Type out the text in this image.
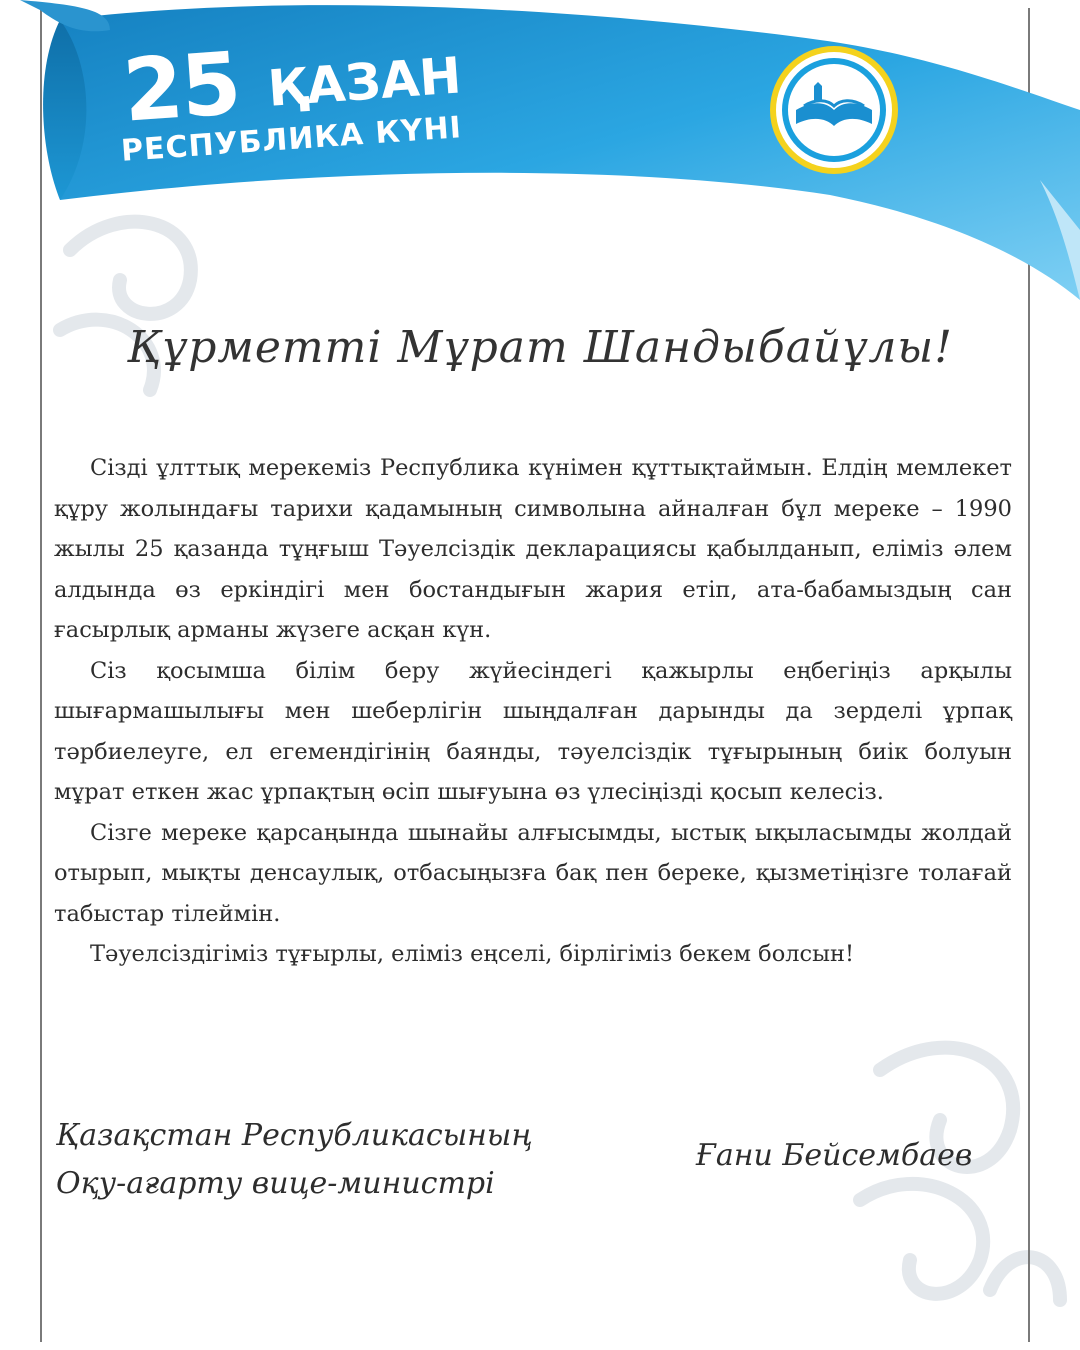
25 ҚАЗАН
РЕСПУБЛИКА КҮНІ
Құрметті Мұрат Шандыбайұлы!

Сізді ұлттық мерекеміз Республика күнімен құттықтаймын. Елдің мемлекет құру жолындағы тарихи қадамының символына айналған бұл мереке – 1990 жылы 25 қазанда тұңғыш Тәуелсіздік декларациясы қабылданып, еліміз әлем алдында өз еркіндігі мен бостандығын жария етіп, ата-бабамыздың сан ғасырлық арманы жүзеге асқан күн.

Сіз қосымша білім беру жүйесіндегі қажырлы еңбегіңіз арқылы шығармашылығы мен шеберлігін шыңдалған дарынды да зерделі ұрпақ тәрбиелеуге, ел егемендігінің баянды, тәуелсіздік тұғырының биік болуын мұрат еткен жас ұрпақтың өсіп шығуына өз үлесіңізді қосып келесіз.

Сізге мереке қарсаңында шынайы алғысымды, ыстық ықыласымды жолдай отырып, мықты денсаулық, отбасыңызға бақ пен береке, қызметіңізге толағай табыстар тілеймін.

Тәуелсіздігіміз тұғырлы, еліміз еңселі, бірлігіміз бекем болсын!

Қазақстан Республикасының
Оқу-ағарту вице-министрі
Ғани Бейсембаев
